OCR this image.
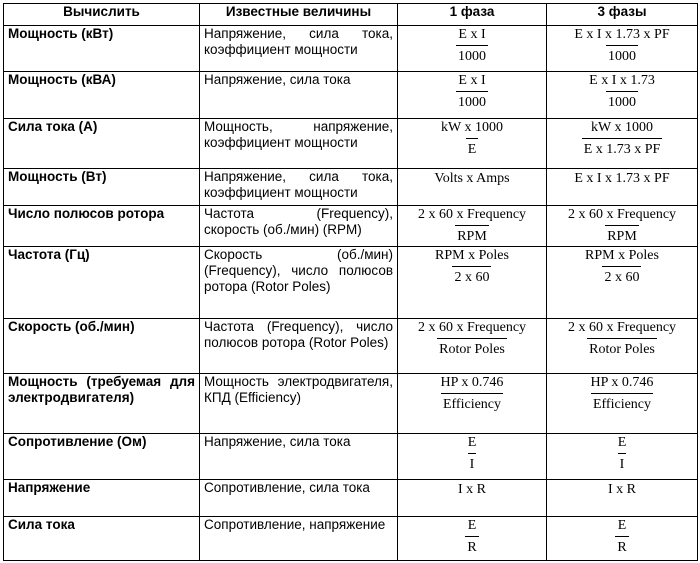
Вычислить	Известные величины	1 фаза	3 фазы
Мощность (кВт)	Напряжение, сила тока, коэффициент мощности	$\frac{\text{E x I}}{1000}$	$\frac{\text{E x I x 1.73 x PF}}{1000}$

Мощность (кВА)	Напряжение, сила тока	$\frac{\text{E x I}}{1000}$	$\frac{\text{E x I x 1.73}}{1000}$

Сила тока (А)	Мощность, напряжение, коэффициент мощности	$\frac{\text{kW x 1000}}{E}$	$\frac{\text{kW x 1000}}{\text{E x 1.73 x PF}}$

Мощность (Вт)	Напряжение, сила тока, коэффициент мощности	Volts x Amps	E x I x 1.73 x PF
Число полюсов ротора	Частота (Frequency), скорость (об./мин) (RPM)	$\frac{\text{2 x 60 x Frequency}}{\text{RPM}}$	$\frac{\text{2 x 60 x Frequency}}{\text{RPM}}$

Частота (Гц)	Скорость (об./мин) (Frequency), число полюсов ротора (Rotor Poles)	$\frac{\text{RPM x Poles}}{2 x 60}$	$\frac{\text{RPM x Poles}}{2 x 60}$

Скорость (об./мин)	Частота (Frequency), число полюсов ротора (Rotor Poles)	$\frac{\text{2 x 60 x Frequency}}{\text{Rotor Poles}}$	$\frac{\text{2 x 60 x Frequency}}{\text{Rotor Poles}}$

Мощность (требуемая для электродвигателя)	Мощность электродвигателя, КПД (Efficiency)	$\frac{\text{HP x 0.746}}{\text{Efficiency}}$	$\frac{\text{HP x 0.746}}{\text{Efficiency}}$

Сопротивление (Ом)	Напряжение, сила тока	$\frac{E}{I}$	$\frac{E}{I}$

Напряжение	Сопротивление, сила тока	I x R	I x R
Сила тока	Сопротивление, напряжение	$\frac{E}{R}$	$\frac{E}{R}$
